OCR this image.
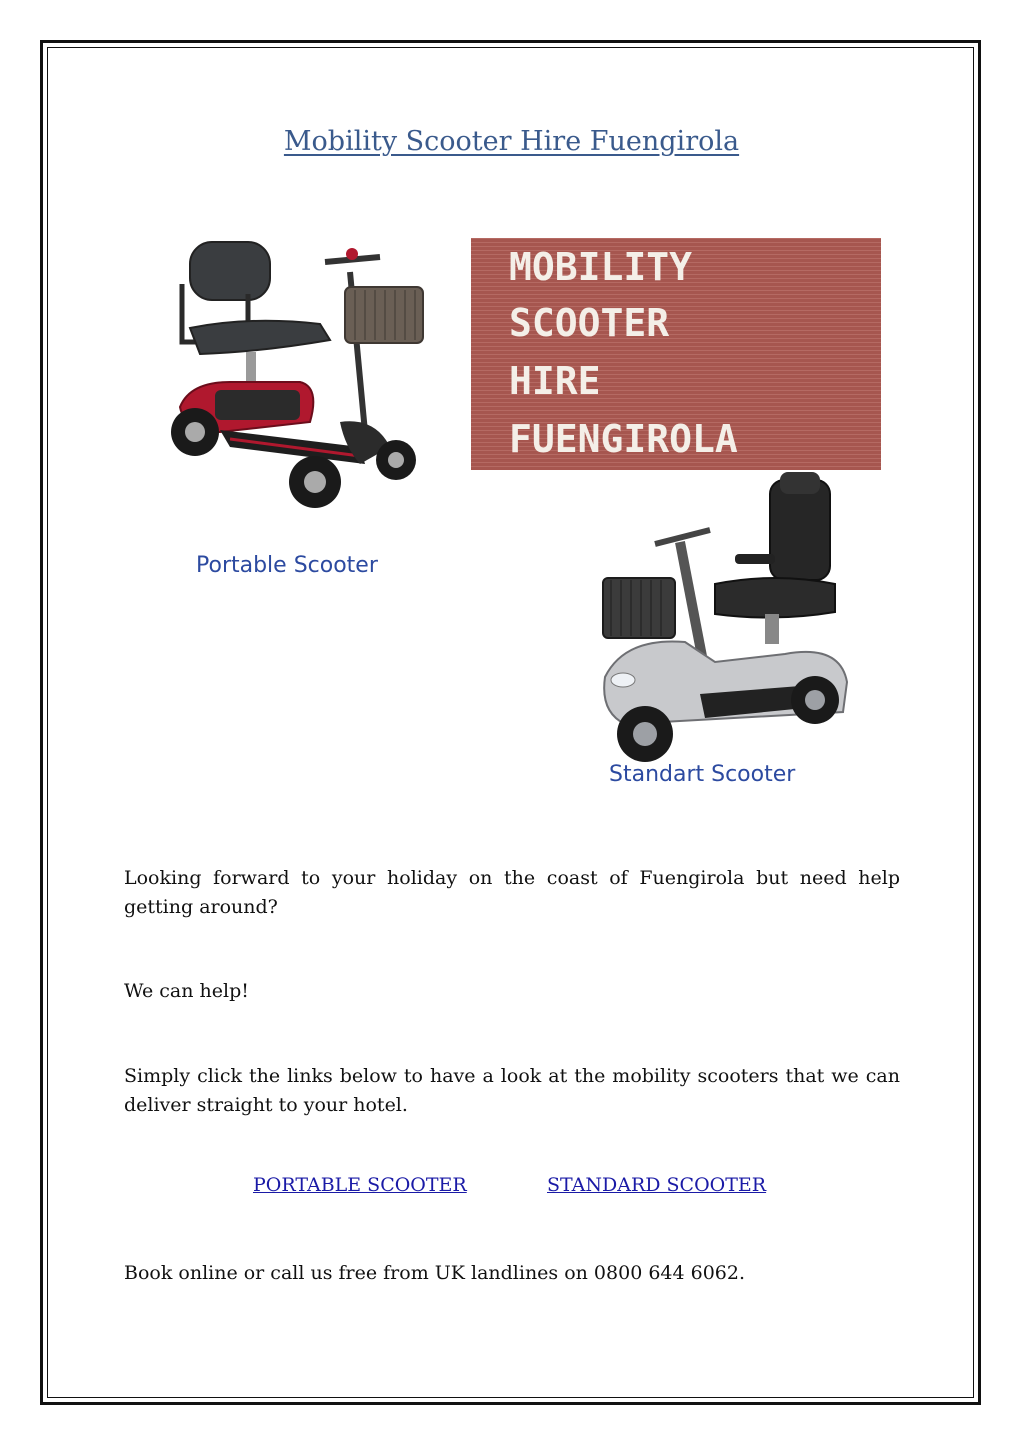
Mobility Scooter Hire Fuengirola
Portable Scooter
MOBILITY
SCOOTER
HIRE
FUENGIROLA
Standart Scooter

Looking forward to your holiday on the coast of Fuengirola but need help getting around?

We can help!

Simply click the links below to have a look at the mobility scooters that we can deliver straight to your hotel.

PORTABLE SCOOTER	STANDARD SCOOTER

Book online or call us free from UK landlines on 0800 644 6062.
